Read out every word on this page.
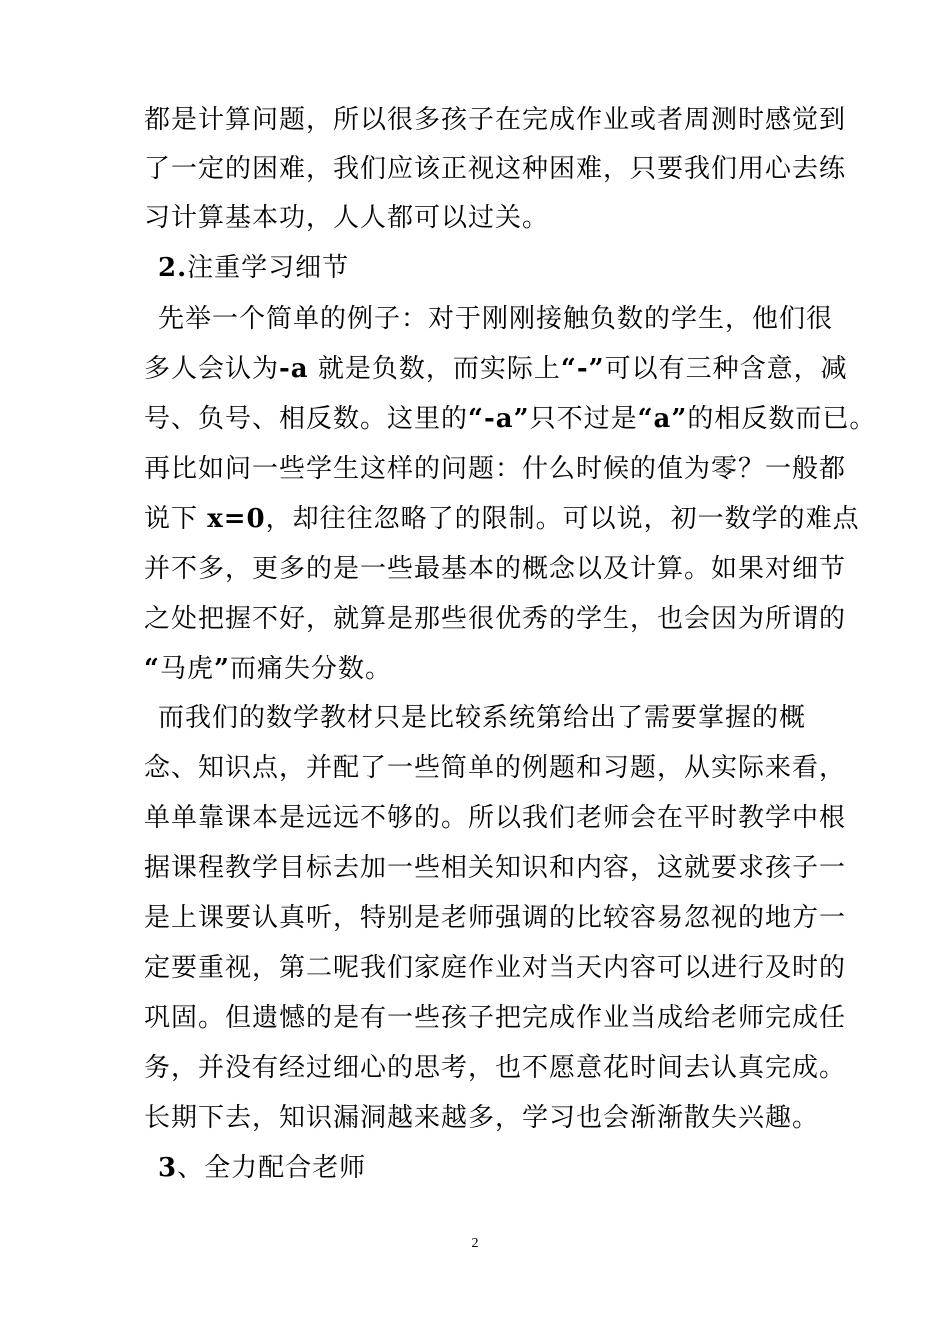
都是计算问题，所以很多孩子在完成作业或者周测时感觉到
了一定的困难，我们应该正视这种困难，只要我们用心去练
习计算基本功，人人都可以过关。
2.注重学习细节
先举一个简单的例子：对于刚刚接触负数的学生，他们很
多人会认为-a 就是负数，而实际上“-”可以有三种含意，减
号、负号、相反数。这里的“-a”只不过是“a”的相反数而已。
再比如问一些学生这样的问题：什么时候的值为零？一般都
说下 x=0，却往往忽略了的限制。可以说，初一数学的难点
并不多，更多的是一些最基本的概念以及计算。如果对细节
之处把握不好，就算是那些很优秀的学生，也会因为所谓的
“马虎”而痛失分数。
而我们的数学教材只是比较系统第给出了需要掌握的概
念、知识点，并配了一些简单的例题和习题，从实际来看，
单单靠课本是远远不够的。所以我们老师会在平时教学中根
据课程教学目标去加一些相关知识和内容，这就要求孩子一
是上课要认真听，特别是老师强调的比较容易忽视的地方一
定要重视，第二呢我们家庭作业对当天内容可以进行及时的
巩固。但遗憾的是有一些孩子把完成作业当成给老师完成任
务，并没有经过细心的思考，也不愿意花时间去认真完成。
长期下去，知识漏洞越来越多，学习也会渐渐散失兴趣。
3、全力配合老师
2
